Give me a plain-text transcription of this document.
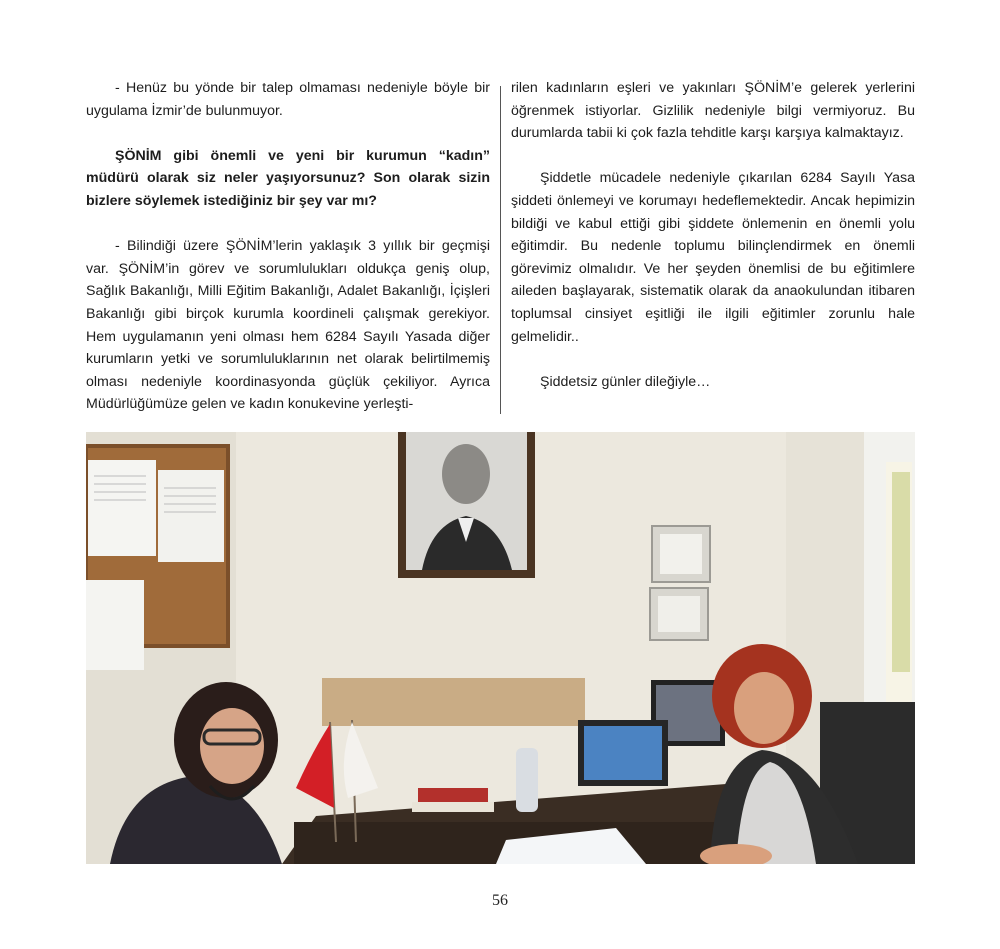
- Henüz bu yönde bir talep olmaması nedeniyle böyle bir uygulama İzmir’de bulunmuyor.

ŞÖNİM gibi önemli ve yeni bir kurumun “kadın” müdürü olarak siz neler yaşıyorsunuz? Son olarak sizin bizlere söylemek istediğiniz bir şey var mı?

- Bilindiği üzere ŞÖNİM’lerin yaklaşık 3 yıllık bir geçmişi var. ŞÖNİM’in görev ve sorumlulukları oldukça geniş olup, Sağlık Bakanlığı, Milli Eğitim Bakanlığı, Adalet Bakanlığı, İçişleri Bakanlığı gibi birçok kurumla koordineli çalışmak gerekiyor. Hem uygulamanın yeni olması hem 6284 Sayılı Yasada diğer kurumların yetki ve sorumluluklarının net olarak belirtilmemiş olması nedeniyle koordinasyonda güçlük çekiliyor. Ayrıca Müdürlüğümüze gelen ve kadın konukevine yerleşti-

rilen kadınların eşleri ve yakınları ŞÖNİM’e gelerek yerlerini öğrenmek istiyorlar. Gizlilik nedeniyle bilgi vermiyoruz. Bu durumlarda tabii ki çok fazla tehditle karşı karşıya kalmaktayız.

Şiddetle mücadele nedeniyle çıkarılan 6284 Sayılı Yasa şiddeti önlemeyi ve korumayı hedeflemektedir. Ancak hepimizin bildiği ve kabul ettiği gibi şiddete önlemenin en önemli yolu eğitimdir. Bu nedenle toplumu bilinçlendirmek en önemli görevimiz olmalıdır. Ve her şeyden önemlisi de bu eğitimlere aileden başlayarak, sistematik olarak da anaokulundan itibaren toplumsal cinsiyet eşitliği ile ilgili eğitimler zorunlu hale gelmelidir..

Şiddetsiz günler dileğiyle…

56
